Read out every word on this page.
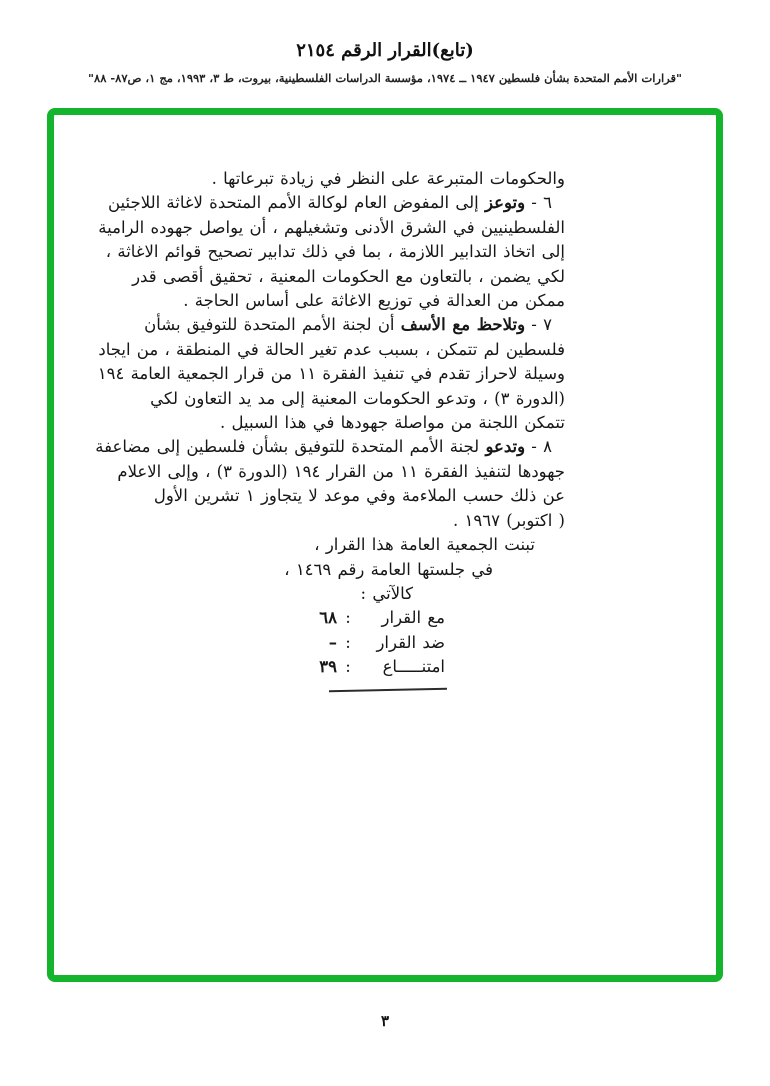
(تابع)القرار الرقم ٢١٥٤
"قرارات الأمم المتحدة بشأن فلسطين ١٩٤٧ ــ ١٩٧٤، مؤسسة الدراسات الفلسطينية، بيروت، ط ٣، ١٩٩٣، مج ١، ص٨٧- ٨٨"
والحكومات المتبرعة على النظر في زيادة تبرعاتها .
٦ - وتوعز إلى المفوض العام لوكالة الأمم المتحدة لاغاثة اللاجئين
الفلسطينيين في الشرق الأدنى وتشغيلهم ، أن يواصل جهوده الرامية
إلى اتخاذ التدابير اللازمة ، بما في ذلك تدابير تصحيح قوائم الاغاثة ،
لكي يضمن ، بالتعاون مع الحكومات المعنية ، تحقيق أقصى قدر
ممكن من العدالة في توزيع الاغاثة على أساس الحاجة .
٧ - وتلاحظ مع الأسف أن لجنة الأمم المتحدة للتوفيق بشأن
فلسطين لم تتمكن ، بسبب عدم تغير الحالة في المنطقة ، من ايجاد
وسيلة لاحراز تقدم في تنفيذ الفقرة ١١ من قرار الجمعية العامة ١٩٤
(الدورة ٣) ، وتدعو الحكومات المعنية إلى مد يد التعاون لكي
تتمكن اللجنة من مواصلة جهودها في هذا السبيل .
٨ - وتدعو لجنة الأمم المتحدة للتوفيق بشأن فلسطين إلى مضاعفة
جهودها لتنفيذ الفقرة ١١ من القرار ١٩٤ (الدورة ٣) ، وإلى الاعلام
عن ذلك حسب الملاءمة وفي موعد لا يتجاوز ١ تشرين الأول
( اكتوبر) ١٩٦٧ .
تبنت الجمعية العامة هذا القرار ،
في جلستها العامة رقم ١٤٦٩ ،
كالآتي :
مع القرار
:
٦٨
ضد القرار
:
–
امتنـــــاع
:
٣٩
٣
